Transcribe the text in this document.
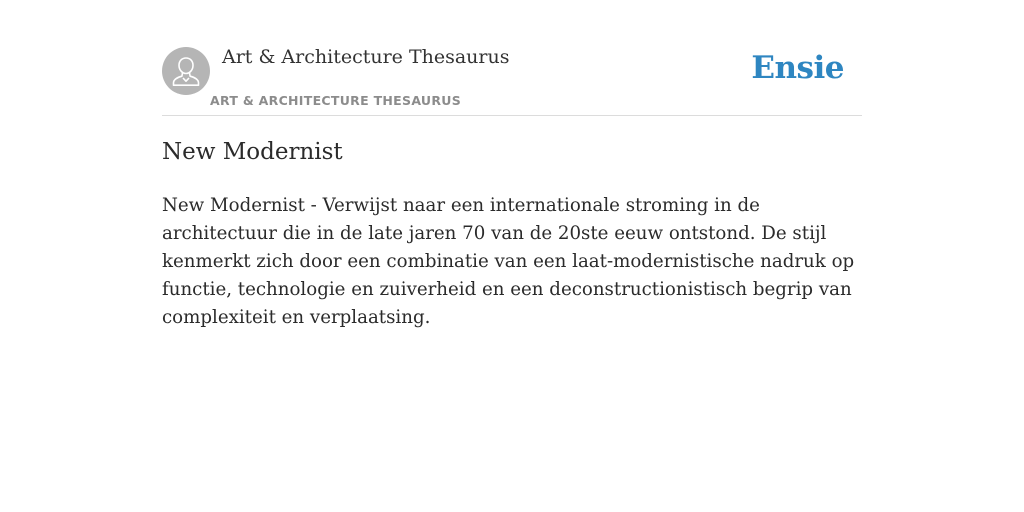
Art & Architecture Thesaurus
ART & ARCHITECTURE THESAURUS
Ensie
New Modernist

New Modernist - Verwijst naar een internationale stroming in de architectuur die in de late jaren 70 van de 20ste eeuw ontstond. De stijl kenmerkt zich door een combinatie van een laat-modernistische nadruk op functie, technologie en zuiverheid en een deconstructionistisch begrip van complexiteit en verplaatsing.
